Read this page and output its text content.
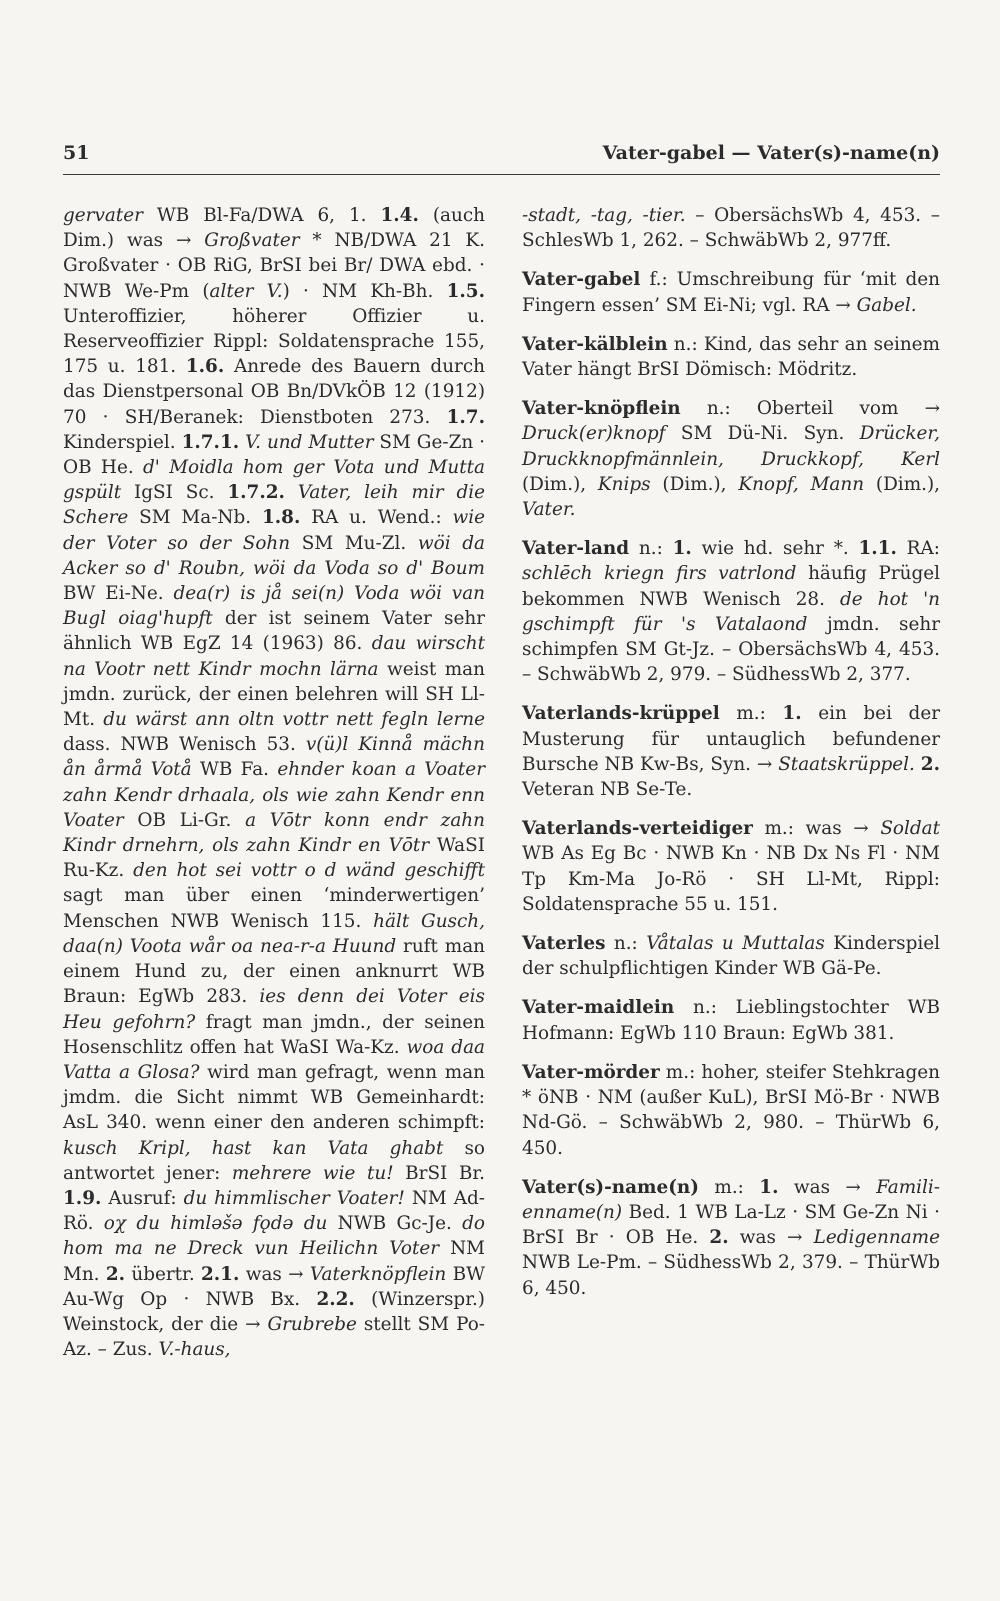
51	Vater-gabel — Vater(s)-name(n)

gervater WB Bl-Fa/DWA 6, 1. 1.4. (auch Dim.) was → Großvater * NB/DWA 21 K. Großvater · OB RiG, BrSI bei Br/ DWA ebd. · NWB We-Pm (alter V.) · NM Kh-Bh. 1.5. Unteroffizier, höherer Offizier u. Reserveoffizier Rippl: Soldatensprache 155, 175 u. 181. 1.6. Anrede des Bauern durch das Dienstpersonal OB Bn/DVkÖB 12 (1912) 70 · SH/Beranek: Dienstboten 273. 1.7. Kinderspiel. 1.7.1. V. und Mutter SM Ge-Zn · OB He. d' Moidla hom ger Vota und Mutta gspült IgSI Sc. 1.7.2. Vater, leih mir die Schere SM Ma-Nb. 1.8. RA u. Wend.: wie der Voter so der Sohn SM Mu-Zl. wöi da Acker so d' Roubn, wöi da Voda so d' Boum BW Ei-Ne. dea(r) is jå sei(n) Voda wöi van Bugl oiag'hupft der ist seinem Vater sehr ähnlich WB EgZ 14 (1963) 86. dau wirscht na Vootr nett Kindr mochn lärna weist man jmdn. zurück, der einen belehren will SH Ll-Mt. du wärst ann oltn vottr nett fegln lerne dass. NWB Wenisch 53. v(ü)l Kinnå mächn ån årmå Votå WB Fa. ehnder koan a Voater zahn Kendr drhaala, ols wie zahn Kendr enn Voater OB Li-Gr. a Vōtr konn endr zahn Kindr drnehrn, ols zahn Kindr en Vōtr WaSI Ru-Kz. den hot sei vottr o d wänd geschifft sagt man über einen ‘minderwertigen’ Menschen NWB Wenisch 115. hält Gusch, daa(n) Voota wår oa nea-r-a Huund ruft man einem Hund zu, der einen anknurrt WB Braun: EgWb 283. ies denn dei Voter eis Heu gefohrn? fragt man jmdn., der seinen Hosenschlitz offen hat WaSI Wa-Kz. woa daa Vatta a Glosa? wird man gefragt, wenn man jmdm. die Sicht nimmt WB Gemeinhardt: AsL 340. wenn einer den anderen schimpft: kusch Kripl, hast kan Vata ghabt so antwortet jener: mehrere wie tu! BrSI Br. 1.9. Ausruf: du himmlischer Voater! NM Ad-Rö. oχ du himləšə fǫdə du NWB Gc-Je. do hom ma ne Dreck vun Heilichn Voter NM Mn. 2. übertr. 2.1. was → Vaterknöpflein BW Au-Wg Op · NWB Bx. 2.2. (Winzerspr.) Weinstock, der die → Grubrebe stellt SM Po-Az. – Zus. V.-haus,

-stadt, -tag, -tier. – ObersächsWb 4, 453. – SchlesWb 1, 262. – SchwäbWb 2, 977ff.

Vater-gabel f.: Umschreibung für ‘mit den Fingern essen’ SM Ei-Ni; vgl. RA → Gabel.

Vater-kälblein n.: Kind, das sehr an seinem Vater hängt BrSI Dömisch: Mödritz.

Vater-knöpflein n.: Oberteil vom → Druck(er)knopf SM Dü-Ni. Syn. Drücker, Druckknopfmännlein, Druckkopf, Kerl (Dim.), Knips (Dim.), Knopf, Mann (Dim.), Vater.

Vater-land n.: 1. wie hd. sehr *. 1.1. RA: schlēch kriegn firs vatrlond häufig Prügel bekommen NWB Wenisch 28. de hot 'n gschimpft für 's Vatalaond jmdn. sehr schimpfen SM Gt-Jz. – ObersächsWb 4, 453. – SchwäbWb 2, 979. – SüdhessWb 2, 377.

Vaterlands-krüppel m.: 1. ein bei der Musterung für untauglich befundener Bursche NB Kw-Bs, Syn. → Staatskrüppel. 2. Veteran NB Se-Te.

Vaterlands-verteidiger m.: was → Soldat WB As Eg Bc · NWB Kn · NB Dx Ns Fl · NM Tp Km-Ma Jo-Rö · SH Ll-Mt, Rippl: Soldatensprache 55 u. 151.

Vaterles n.: Våtalas u Muttalas Kinderspiel der schulpflichtigen Kinder WB Gä-Pe.

Vater-maidlein n.: Lieblingstochter WB Hofmann: EgWb 110 Braun: EgWb 381.

Vater-mörder m.: hoher, steifer Stehkragen * öNB · NM (außer KuL), BrSI Mö-Br · NWB Nd-Gö. – SchwäbWb 2, 980. – ThürWb 6, 450.

Vater(s)-name(n) m.: 1. was → Familienname(n) Bed. 1 WB La-Lz · SM Ge-Zn Ni · BrSI Br · OB He. 2. was → Ledigenname NWB Le-Pm. – SüdhessWb 2, 379. – ThürWb 6, 450.
